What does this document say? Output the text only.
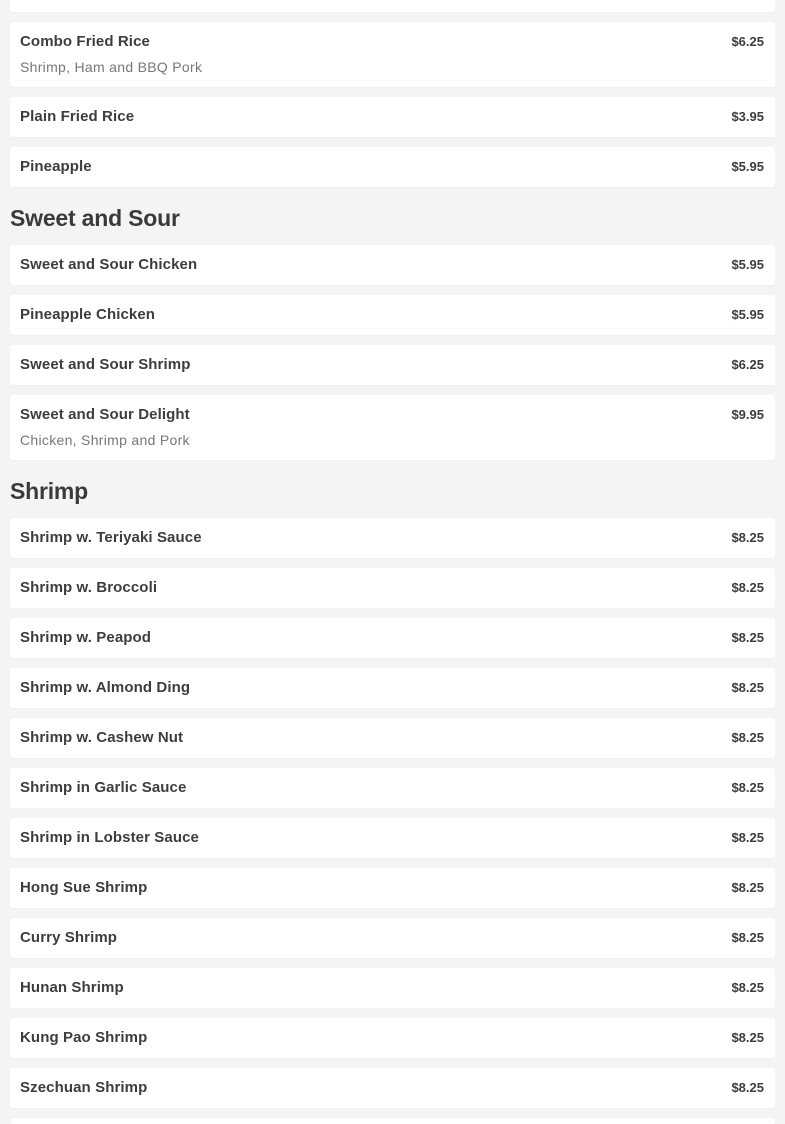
Combo Fried Rice	$6.25
Shrimp, Ham and BBQ Pork
Plain Fried Rice	$3.95
Pineapple	$5.95
Sweet and Sour
Sweet and Sour Chicken	$5.95
Pineapple Chicken	$5.95
Sweet and Sour Shrimp	$6.25
Sweet and Sour Delight	$9.95
Chicken, Shrimp and Pork
Shrimp
Shrimp w. Teriyaki Sauce	$8.25
Shrimp w. Broccoli	$8.25
Shrimp w. Peapod	$8.25
Shrimp w. Almond Ding	$8.25
Shrimp w. Cashew Nut	$8.25
Shrimp in Garlic Sauce	$8.25
Shrimp in Lobster Sauce	$8.25
Hong Sue Shrimp	$8.25
Curry Shrimp	$8.25
Hunan Shrimp	$8.25
Kung Pao Shrimp	$8.25
Szechuan Shrimp	$8.25
